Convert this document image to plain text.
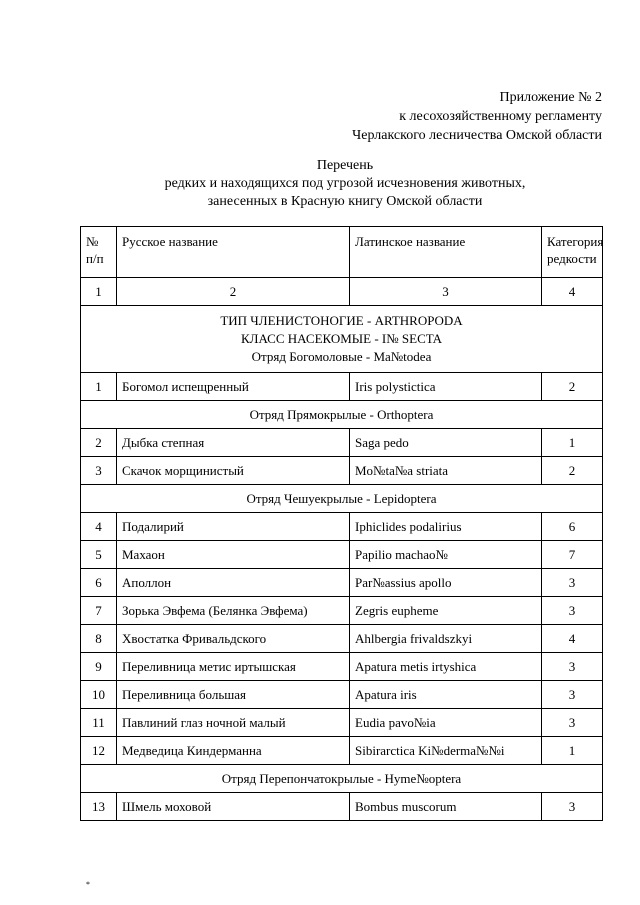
Приложение № 2
к лесохозяйственному регламенту
Черлакского лесничества Омской области
Перечень
редких и находящихся под угрозой исчезновения животных,
занесенных в Красную книгу Омской области
№ п/п	Русское название	Латинское название	Категория редкости
1	2	3	4

ТИП ЧЛЕНИСТОНОГИЕ - ARTHROPODA
КЛАСС НАСЕКОМЫЕ - I№ SECTA
Отряд Богомоловые - Ma№todea			

1	Богомол испещренный	Iris polystictica	2
Отряд Прямокрылые - Orthoptera			
2	Дыбка степная	Saga pedo	1
3	Скачок морщинистый	Mo№ta№a striata	2
Отряд Чешуекрылые - Lepidoptera			
4	Подалирий	Iphiclides podalirius	6
5	Махаон	Papilio machao№	7
6	Аполлон	Par№assius apollo	3
7	Зорька Эвфема (Белянка Эвфема)	Zegris eupheme	3
8	Хвостатка Фривальдского	Ahlbergia frivaldszkyi	4
9	Переливница метис иртышская	Apatura metis irtyshica	3
10	Переливница большая	Apatura iris	3
11	Павлиний глаз ночной малый	Eudia pavo№ia	3
12	Медведица Киндерманна	Sibirarctica Ki№derma№№i	1
Отряд Перепончатокрылые - Hyme№optera			
13	Шмель моховой	Bombus muscorum	3
*
